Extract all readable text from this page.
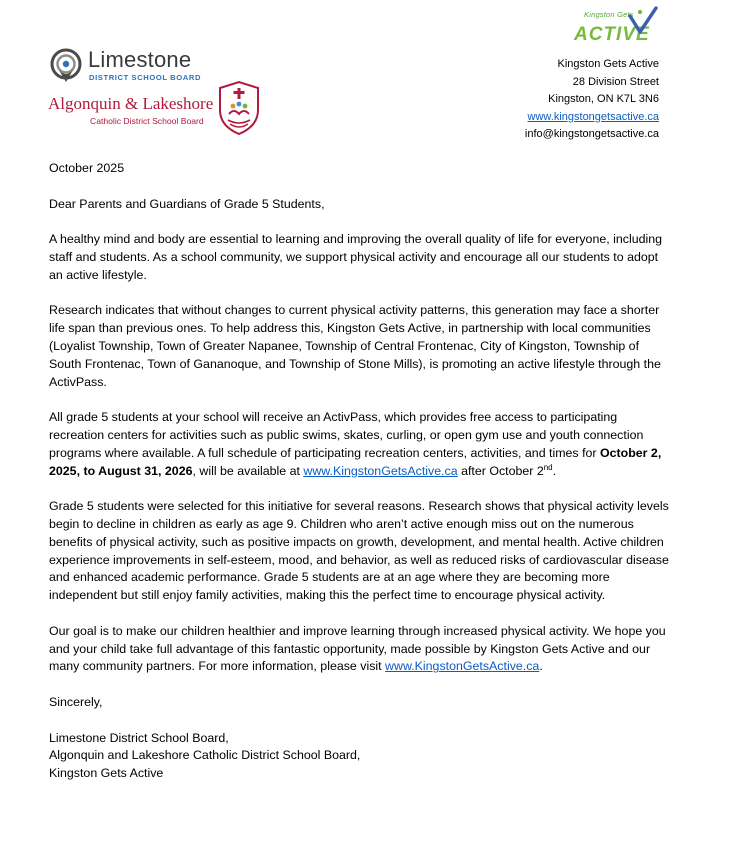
Limestone
DISTRICT SCHOOL BOARD
Algonquin & Lakeshore
Catholic District School Board
Kingston Gets
ACTIVE
Kingston Gets Active
28 Division Street
Kingston, ON K7L 3N6
www.kingstongetsactive.ca
info@kingstongetsactive.ca

October 2025

Dear Parents and Guardians of Grade 5 Students,

A healthy mind and body are essential to learning and improving the overall quality of life for everyone, including staff and students. As a school community, we support physical activity and encourage all our students to adopt an active lifestyle.

Research indicates that without changes to current physical activity patterns, this generation may face a shorter life span than previous ones. To help address this, Kingston Gets Active, in partnership with local communities (Loyalist Township, Town of Greater Napanee, Township of Central Frontenac, City of Kingston, Township of South Frontenac, Town of Gananoque, and Township of Stone Mills), is promoting an active lifestyle through the ActivPass.

All grade 5 students at your school will receive an ActivPass, which provides free access to participating recreation centers for activities such as public swims, skates, curling, or open gym use and youth connection programs where available. A full schedule of participating recreation centers, activities, and times for October 2, 2025, to August 31, 2026, will be available at www.KingstonGetsActive.ca after October 2nd.

Grade 5 students were selected for this initiative for several reasons. Research shows that physical activity levels begin to decline in children as early as age 9. Children who aren’t active enough miss out on the numerous benefits of physical activity, such as positive impacts on growth, development, and mental health. Active children experience improvements in self-esteem, mood, and behavior, as well as reduced risks of cardiovascular disease and enhanced academic performance. Grade 5 students are at an age where they are becoming more independent but still enjoy family activities, making this the perfect time to encourage physical activity.

Our goal is to make our children healthier and improve learning through increased physical activity. We hope you and your child take full advantage of this fantastic opportunity, made possible by Kingston Gets Active and our many community partners. For more information, please visit www.KingstonGetsActive.ca.

Sincerely,

Limestone District School Board,

Algonquin and Lakeshore Catholic District School Board,

Kingston Gets Active
